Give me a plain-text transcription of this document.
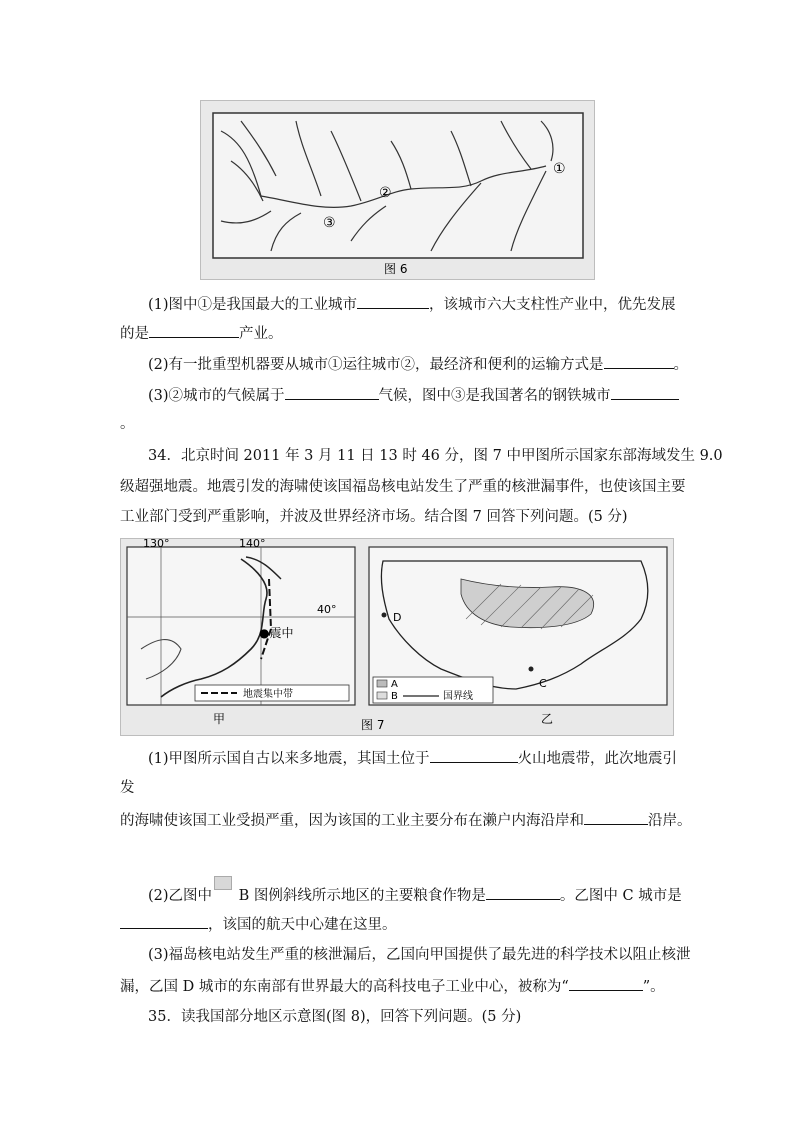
①
②
③
图 6
(1)图中①是我国最大的工业城市	，该城市六大支柱性产业中，优先发展
的是	产业。
(2)有一批重型机器要从城市①运往城市②，最经济和便利的运输方式是	。
(3)②城市的气候属于	气候，图中③是我国著名的钢铁城市
。
34．北京时间 2011 年 3 月 11 日 13 时 46 分，图 7 中甲图所示国家东部海域发生 9.0
级超强地震。地震引发的海啸使该国福岛核电站发生了严重的核泄漏事件，也使该国主要
工业部门受到严重影响，并波及世界经济市场。结合图 7 回答下列问题。(5 分)
130°	140°
40°
●震中
地震集中带
甲
D
C
A
B	国界线
乙
图 7
(1)甲图所示国自古以来多地震，其国土位于	火山地震带，此次地震引
发
的海啸使该国工业受损严重，因为该国的工业主要分布在濑户内海沿岸和	沿岸。
(2)乙图中 B 图例斜线所示地区的主要粮食作物是	。乙图中 C 城市是
，该国的航天中心建在这里。
(3)福岛核电站发生严重的核泄漏后，乙国向甲国提供了最先进的科学技术以阻止核泄
漏，乙国 D 城市的东南部有世界最大的高科技电子工业中心，被称为“	”。
35．读我国部分地区示意图(图 8)，回答下列问题。(5 分)
